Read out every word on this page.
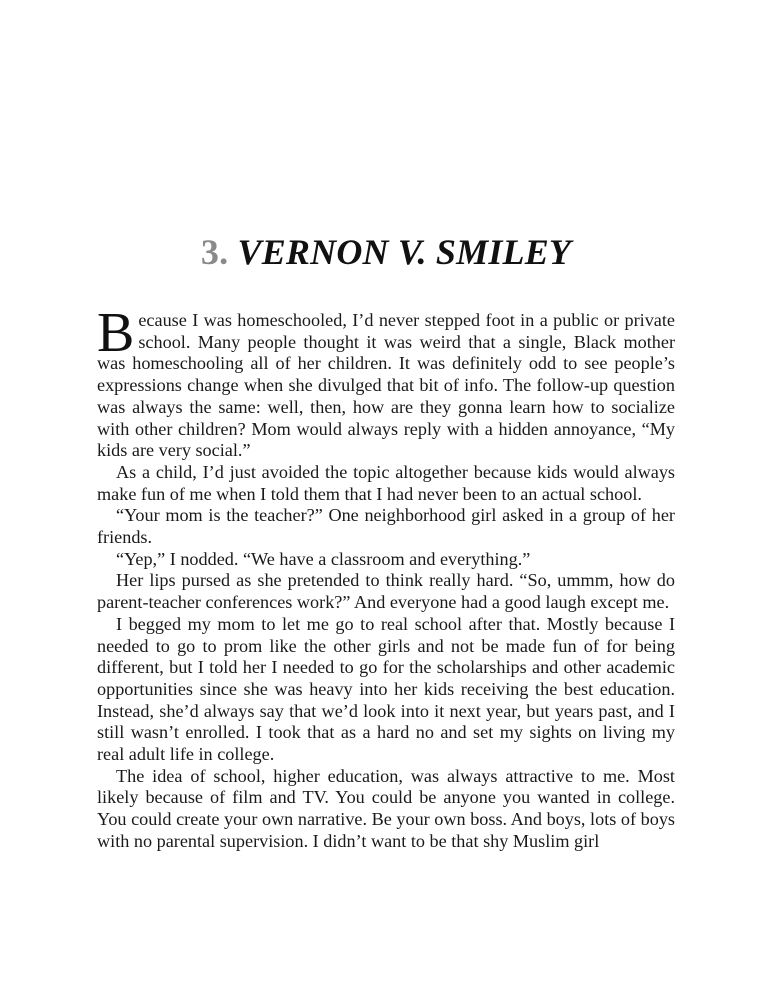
3. VERNON V. SMILEY

Because I was homeschooled, I’d never stepped foot in a public or private school. Many people thought it was weird that a single, Black mother was homeschooling all of her children. It was definitely odd to see people’s expressions change when she divulged that bit of info. The follow-up question was always the same: well, then, how are they gonna learn how to socialize with other children? Mom would always reply with a hidden annoyance, “My kids are very social.”

As a child, I’d just avoided the topic altogether because kids would always make fun of me when I told them that I had never been to an actual school.

“Your mom is the teacher?” One neighborhood girl asked in a group of her friends.

“Yep,” I nodded. “We have a classroom and everything.”

Her lips pursed as she pretended to think really hard. “So, ummm, how do parent-teacher conferences work?” And everyone had a good laugh except me.

I begged my mom to let me go to real school after that. Mostly because I needed to go to prom like the other girls and not be made fun of for being different, but I told her I needed to go for the scholarships and other academic opportunities since she was heavy into her kids receiving the best education. Instead, she’d always say that we’d look into it next year, but years past, and I still wasn’t enrolled. I took that as a hard no and set my sights on living my real adult life in college.

The idea of school, higher education, was always attractive to me. Most likely because of film and TV. You could be anyone you wanted in college. You could create your own narrative. Be your own boss. And boys, lots of boys with no parental supervision. I didn’t want to be that shy Muslim girl
